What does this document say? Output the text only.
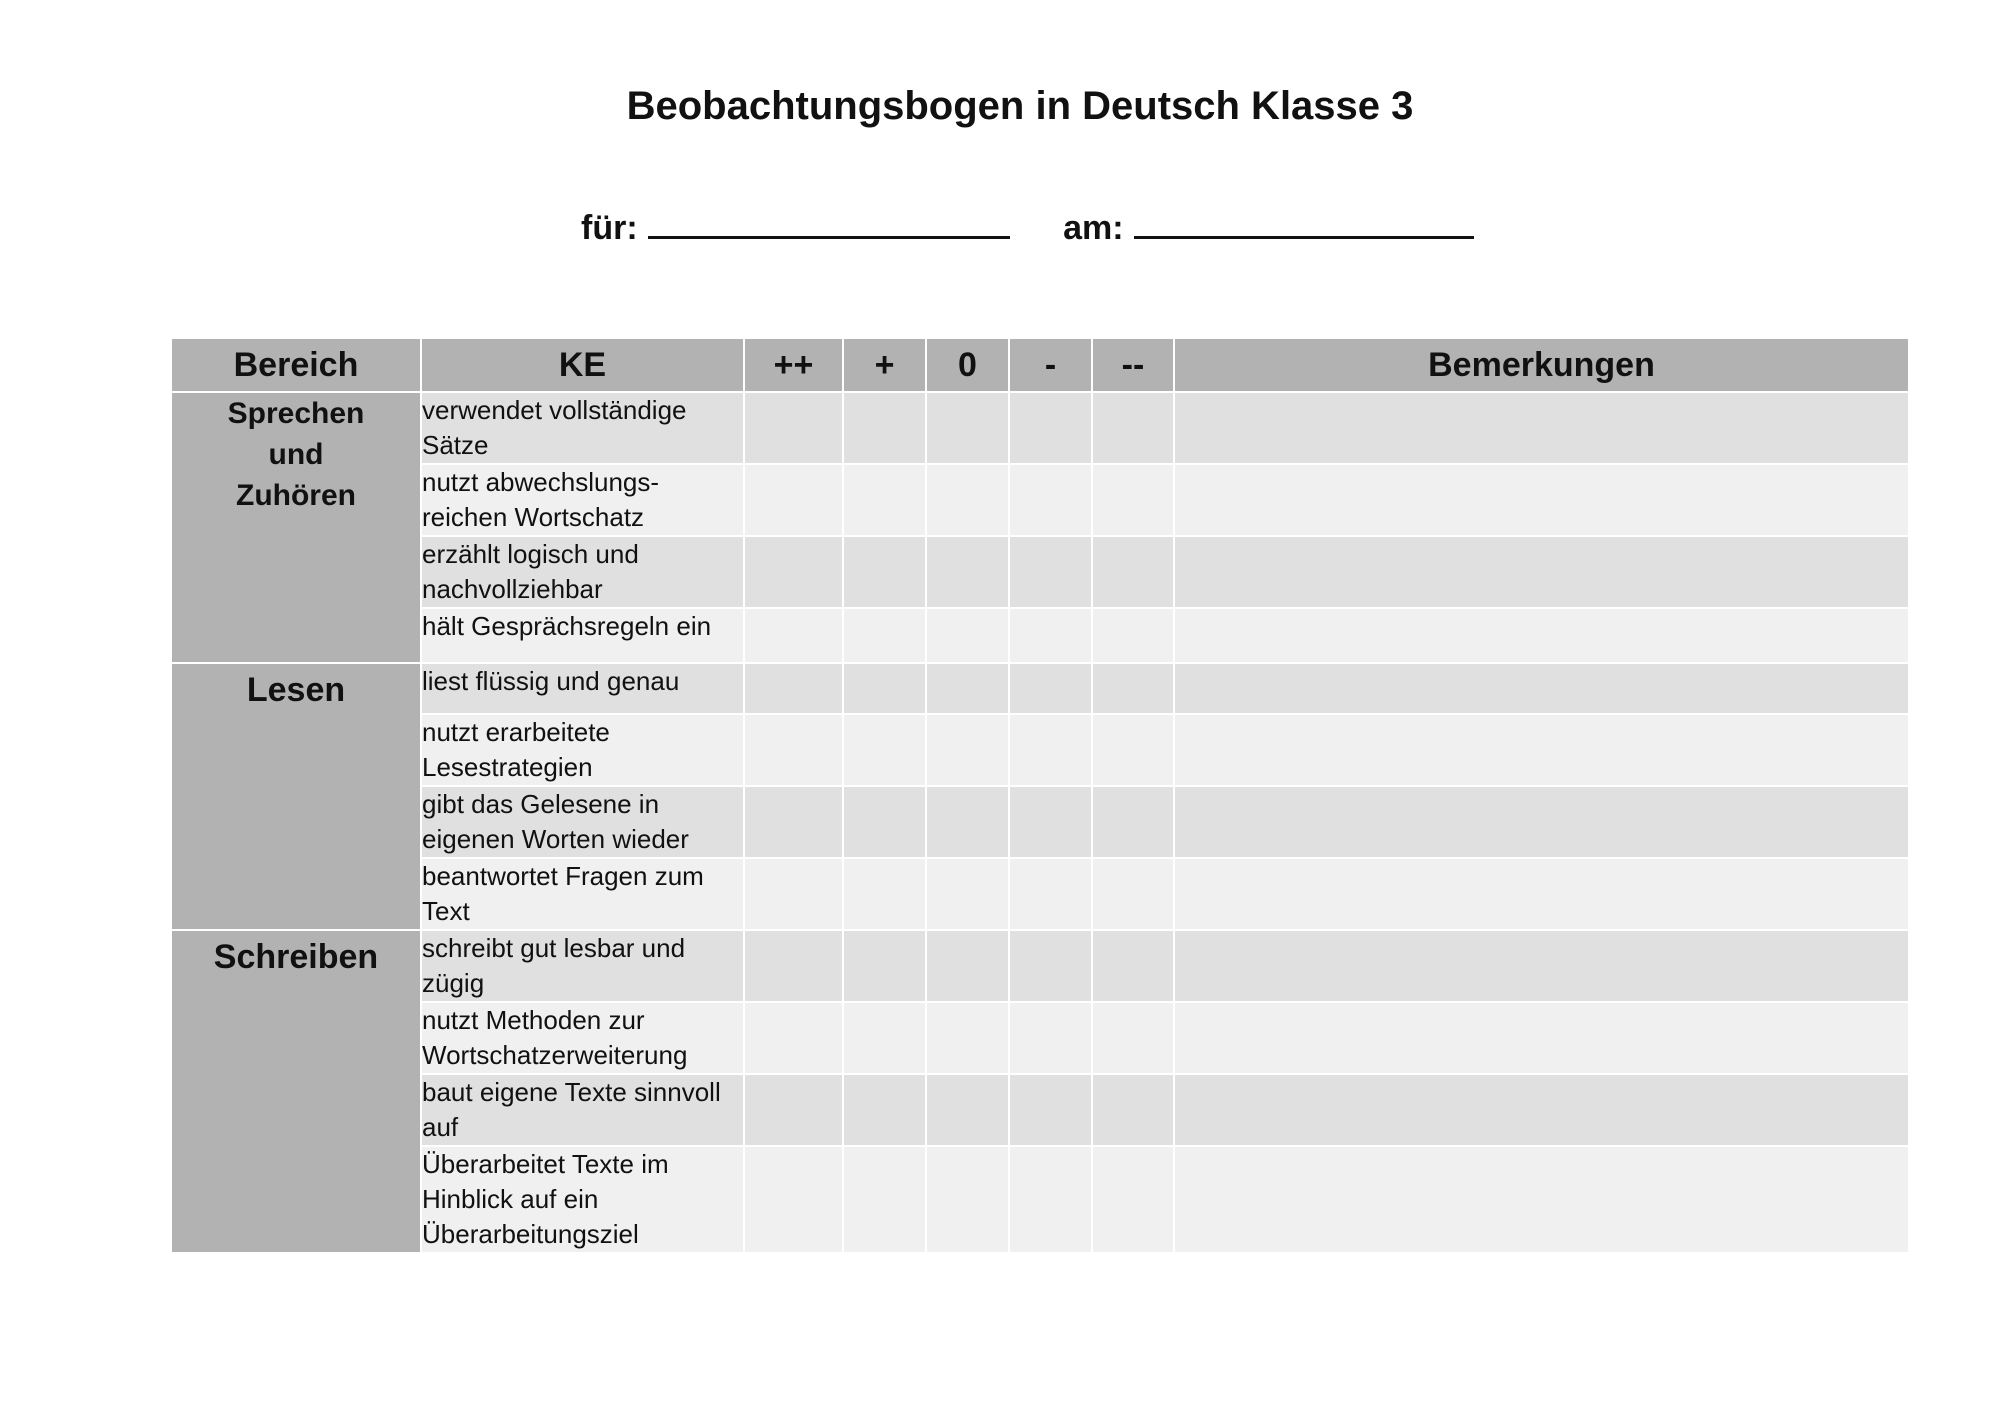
Beobachtungsbogen in Deutsch Klasse 3
für:	am:
Bereich	KE	++	+	0	-	--	Bemerkungen

Sprechen
und
Zuhören	verwendet vollständige Sätze						
	nutzt abwechslungs-reichen Wortschatz						
	erzählt logisch und nachvollziehbar						
	hält Gesprächsregeln ein						

Lesen	liest flüssig und genau						
	nutzt erarbeitete Lesestrategien						
	gibt das Gelesene in eigenen Worten wieder						
	beantwortet Fragen zum Text						

Schreiben	schreibt gut lesbar und zügig						
	nutzt Methoden zur Wortschatzerweiterung						
	baut eigene Texte sinnvoll auf						
	Überarbeitet Texte im Hinblick auf ein Überarbeitungsziel						
